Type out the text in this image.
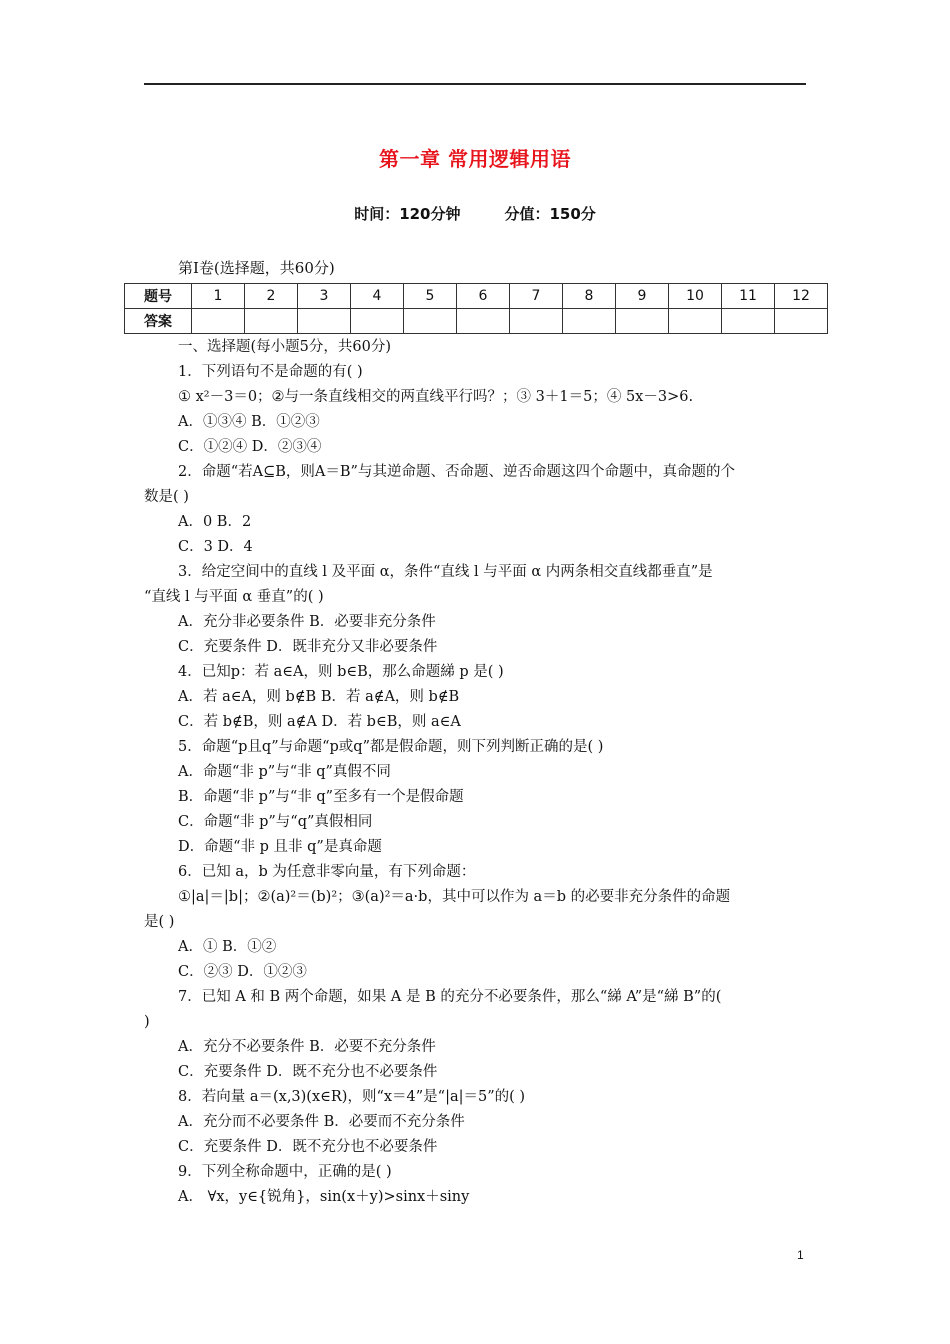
第一章 常用逻辑用语
时间：120分钟	分值：150分
第Ⅰ卷(选择题，共60分)
题号	1	2	3	4	5	6	7	8	9	10	11	12
答案												
一、选择题(每小题5分，共60分)
1．下列语句不是命题的有( )
① x²－3＝0；②与一条直线相交的两直线平行吗？；③ 3＋1＝5；④ 5x－3>6.
A．①③④ B．①②③
C．①②④ D．②③④
2．命题“若A⊆B，则A＝B”与其逆命题、否命题、逆否命题这四个命题中，真命题的个
数是( )
A．0 B．2
C．3 D．4
3．给定空间中的直线 l 及平面 α，条件“直线 l 与平面 α 内两条相交直线都垂直”是
“直线 l 与平面 α 垂直”的( )
A．充分非必要条件 B．必要非充分条件
C．充要条件 D．既非充分又非必要条件
4．已知p：若 a∈A，则 b∈B，那么命题綈 p 是( )
A．若 a∈A，则 b∉B B．若 a∉A，则 b∉B
C．若 b∉B，则 a∉A D．若 b∈B，则 a∈A
5．命题“p且q”与命题“p或q”都是假命题，则下列判断正确的是( )
A．命题“非 p”与“非 q”真假不同
B．命题“非 p”与“非 q”至多有一个是假命题
C．命题“非 p”与“q”真假相同
D．命题“非 p 且非 q”是真命题
6．已知 a，b 为任意非零向量，有下列命题：
①|a|＝|b|；②(a)²＝(b)²；③(a)²＝a·b，其中可以作为 a＝b 的必要非充分条件的命题
是( )
A．① B．①②
C．②③ D．①②③
7．已知 A 和 B 两个命题，如果 A 是 B 的充分不必要条件，那么“綈 A”是“綈 B”的(
)
A．充分不必要条件 B．必要不充分条件
C．充要条件 D．既不充分也不必要条件
8．若向量 a＝(x,3)(x∈R)，则“x＝4”是“|a|＝5”的( )
A．充分而不必要条件 B．必要而不充分条件
C．充要条件 D．既不充分也不必要条件
9．下列全称命题中，正确的是( )
A． ∀x，y∈{锐角}，sin(x＋y)>sinx＋siny
1
